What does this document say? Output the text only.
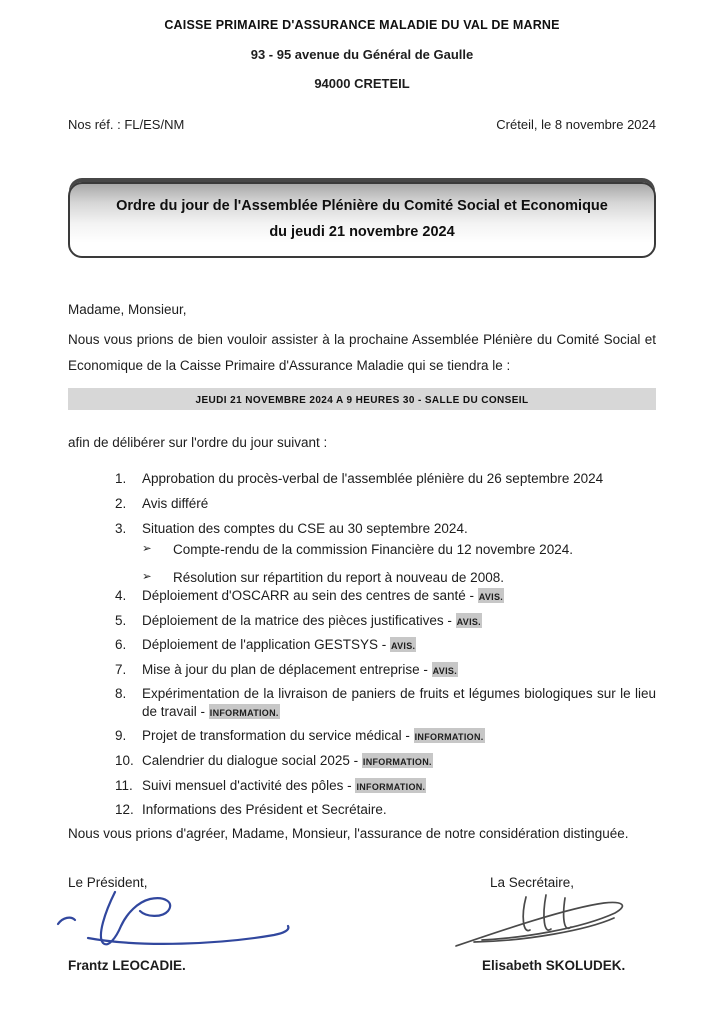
CAISSE PRIMAIRE D'ASSURANCE MALADIE DU VAL DE MARNE
93 - 95 avenue du Général de Gaulle
94000 CRETEIL
Nos réf. : FL/ES/NM	Créteil, le 8 novembre 2024
Ordre du jour de l'Assemblée Plénière du Comité Social et Economique
du jeudi 21 novembre 2024
Madame, Monsieur,
Nous vous prions de bien vouloir assister à la prochaine Assemblée Plénière du Comité Social et Economique de la Caisse Primaire d'Assurance Maladie qui se tiendra le :
JEUDI 21 NOVEMBRE 2024 A 9 HEURES 30 - SALLE DU CONSEIL
afin de délibérer sur l'ordre du jour suivant :
1.	Approbation du procès-verbal de l'assemblée plénière du 26 septembre 2024
2.	Avis différé
3.	Situation des comptes du CSE au 30 septembre 2024.
➢	Compte-rendu de la commission Financière du 12 novembre 2024.
➢	Résolution sur répartition du report à nouveau de 2008.
4.	Déploiement d'OSCARR au sein des centres de santé - AVIS.
5.	Déploiement de la matrice des pièces justificatives - AVIS.
6.	Déploiement de l'application GESTSYS - AVIS.
7.	Mise à jour du plan de déplacement entreprise - AVIS.
8.	Expérimentation de la livraison de paniers de fruits et légumes biologiques sur le lieu de travail - INFORMATION.
9.	Projet de transformation du service médical - INFORMATION.
10. Calendrier du dialogue social 2025 - INFORMATION.
11. Suivi mensuel d'activité des pôles - INFORMATION.
12. Informations des Président et Secrétaire.
Nous vous prions d'agréer, Madame, Monsieur, l'assurance de notre considération distinguée.
Le Président,
Frantz LEOCADIE.
La Secrétaire,
Elisabeth SKOLUDEK.
